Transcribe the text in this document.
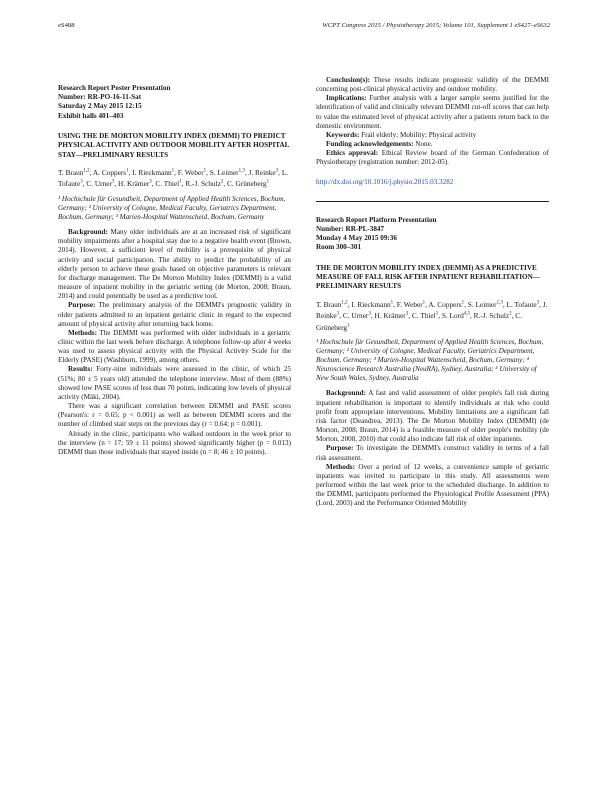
eS488	WCPT Congress 2015 / Physiotherapy 2015; Volume 101, Supplement 1 eS427–eS632
Research Report Poster Presentation
Number: RR-PO-16-11-Sat
Saturday 2 May 2015 12:15
Exhibit halls 401–403
USING THE DE MORTON MOBILITY INDEX (DEMMI) TO PREDICT PHYSICAL ACTIVITY AND OUTDOOR MOBILITY AFTER HOSPITAL STAY—PRELIMINARY RESULTS
T. Braun$^{1,2}$, A. Coppers$^1$, I. Rieckmann$^1$, F. Weber$^1$, S. Leimer$^{1,3}$, J. Reinke$^3$, L. Tofaute$^3$, C. Urner$^3$, H. Krämer$^3$, C. Thiel$^1$, R.-J. Schulz$^2$, C. Grüneberg$^1$
¹ Hochschule für Gesundheit, Department of Applied Health Sciences, Bochum, Germany; ² University of Cologne, Medical Faculty, Geriatrics Department, Bochum, Germany; ³ Marien-Hospital Wattenscheid, Bochum, Germany

Background: Many older individuals are at an increased risk of significant mobility impairments after a hospital stay due to a negative health event (Brown, 2014). However, a sufficient level of mobility is a prerequisite of physical activity and social participation. The ability to predict the probability of an elderly person to achieve these goals based on objective parameters is relevant for discharge management. The De Morton Mobility Index (DEMMI) is a valid measure of inpatient mobility in the geriatric setting (de Morton, 2008; Braun, 2014) and could potentially be used as a predictive tool.

Purpose: The preliminary analysis of the DEMMI's prognostic validity in older patients admitted to an inpatient geriatric clinic in regard to the expected amount of physical activity after returning back home.

Methods: The DEMMI was performed with older individuals in a geriatric clinic within the last week before discharge. A telephone follow-up after 4 weeks was used to assess physical activity with the Physical Activity Scale for the Elderly (PASE) (Washburn, 1999), among others.

Results: Forty-nine individuals were assessed in the clinic, of which 25 (51%; 80 ± 5 years old) attended the telephone interview. Most of them (88%) showed low PASE scores of less than 70 points, indicating low levels of physical activity (Mäki, 2004).

There was a significant correlation between DEMMI and PASE scores (Pearson's: r = 0.65; p < 0.001) as well as between DEMMI scores and the number of climbed stair steps on the previous day (r = 0.64; p = 0.001).

Already in the clinic, participants who walked outdoors in the week prior to the interview (n = 17; 59 ± 11 points) showed significantly higher (p = 0.013) DEMMI than those individuals that stayed inside (n = 8; 46 ± 10 points).

Conclusion(s): These results indicate prognostic validity of the DEMMI concerning post-clinical physical activity and outdoor mobility.

Implications: Further analysis with a larger sample seems justified for the identification of valid and clinically relevant DEMMI cut-off scores that can help to value the estimated level of physical activity after a patients return back to the domestic environment.

Keywords: Frail elderly; Mobility; Physical activity

Funding acknowledgements: None.

Ethics approval: Ethical Review board of the German Confederation of Physiotherapy (registration number: 2012-05).

http://dx.doi.org/10.1016/j.physio.2015.03.3282
Research Report Platform Presentation
Number: RR-PL-3847
Monday 4 May 2015 09:36
Room 300–301
THE DE MORTON MOBILITY INDEX (DEMMI) AS A PREDICTIVE MEASURE OF FALL RISK AFTER INPATIENT REHABILITATION—PRELIMINARY RESULTS
T. Braun$^{1,2}$, I. Rieckmann$^1$, F. Weber$^1$, A. Coppers$^1$, S. Leimer$^{1,3}$, L. Tofaute$^3$, J. Reinke$^3$, C. Urner$^3$, H. Krämer$^3$, C. Thiel$^1$, S. Lord$^{4,5}$, R.-J. Schulz$^2$, C. Grüneberg$^1$
¹ Hochschule für Gesundheit, Department of Applied Health Sciences, Bochum, Germany; ² University of Cologne, Medical Faculty, Geriatrics Department, Bochum, Germany; ³ Marien-Hospital Wattenscheid, Bochum, Germany; ⁴ Neuroscience Research Australia (NeuRA), Sydney, Australia; ⁵ University of New South Wales, Sydney, Australia

Background: A fast and valid assessment of older people's fall risk during inpatient rehabilitation is important to identify individuals at risk who could profit from appropriate interventions. Mobility limitations are a significant fall risk factor (Deandrea, 2013). The De Morton Mobility Index (DEMMI) (de Morton, 2008; Braun, 2014) is a feasible measure of older people's mobility (de Morton, 2008, 2010) that could also indicate fall risk of older inpatients.

Purpose: To investigate the DEMMI's construct validity in terms of a fall risk assessment.

Methods: Over a period of 12 weeks, a convenience sample of geriatric inpatients was invited to participate in this study. All assessments were performed within the last week prior to the scheduled discharge. In addition to the DEMMI, participants performed the Physiological Profile Assessment (PPA) (Lord, 2003) and the Performance Oriented Mobility
